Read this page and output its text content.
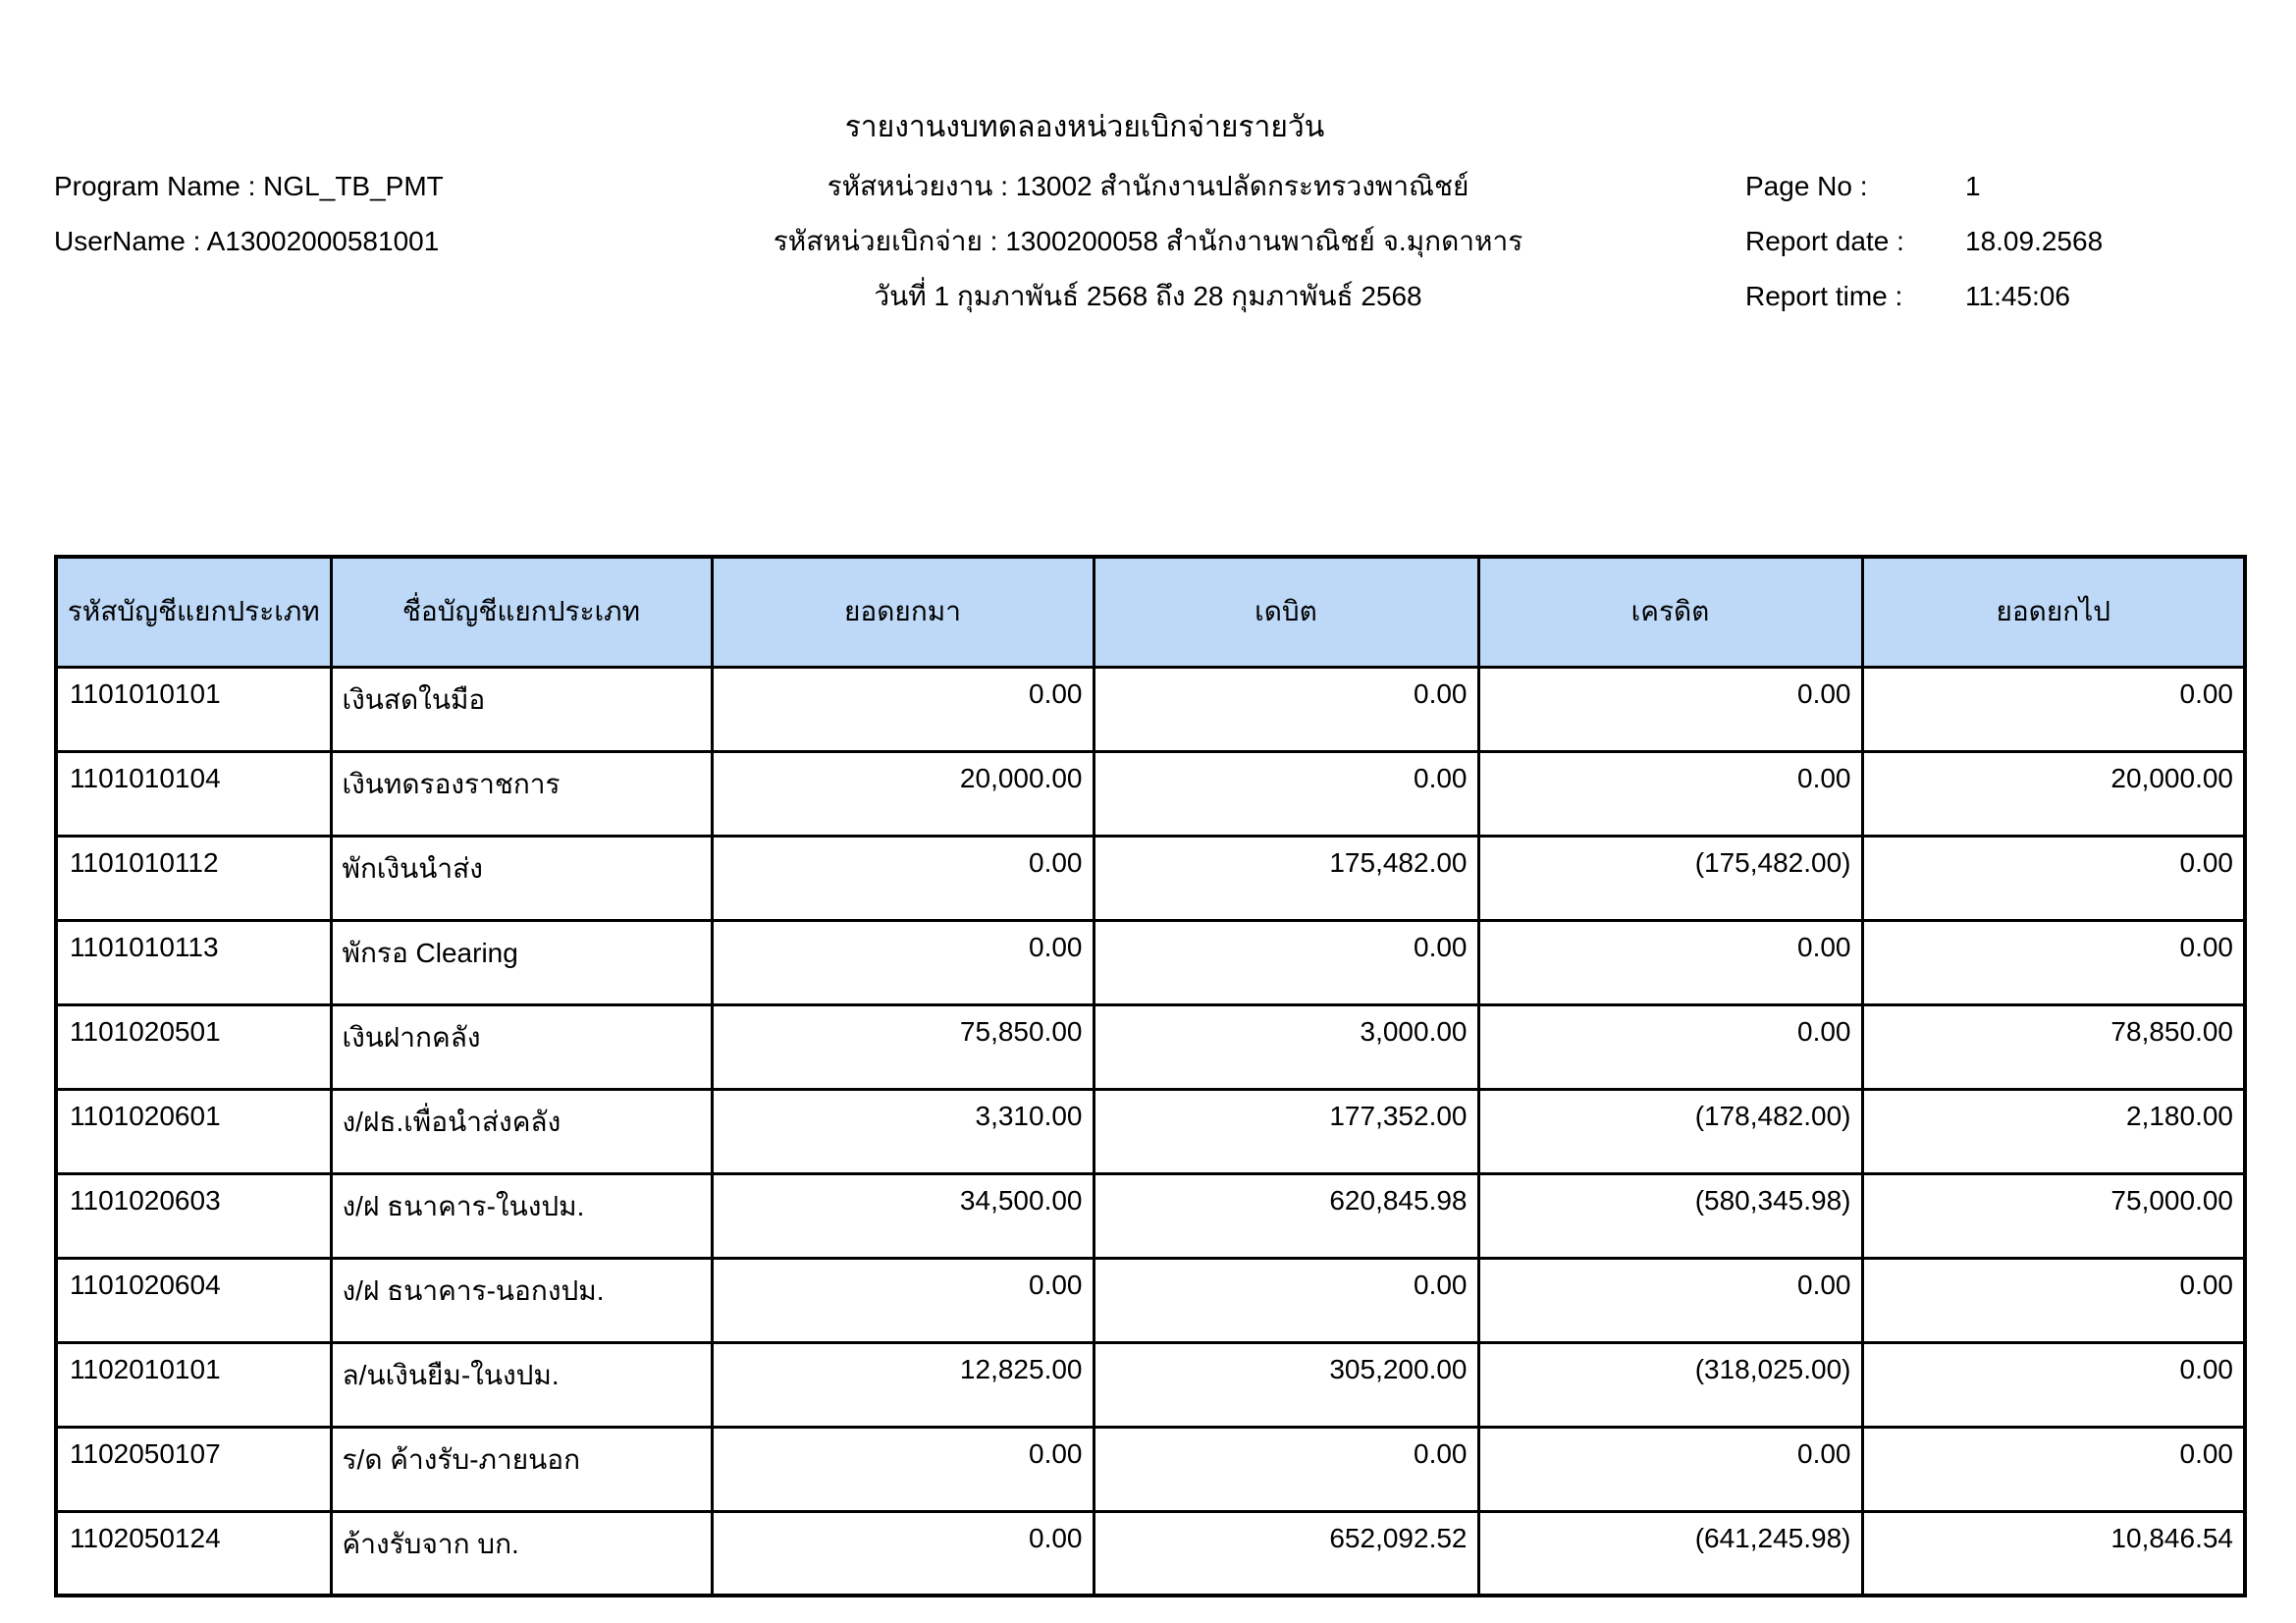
รายงานงบทดลองหน่วยเบิกจ่ายรายวัน
Program Name : NGL_TB_PMT
UserName : A13002000581001
รหัสหน่วยงาน : 13002 สำนักงานปลัดกระทรวงพาณิชย์
รหัสหน่วยเบิกจ่าย : 1300200058 สำนักงานพาณิชย์ จ.มุกดาหาร
วันที่ 1 กุมภาพันธ์ 2568 ถึง 28 กุมภาพันธ์ 2568
Page No :	1
Report date : 18.09.2568
Report time : 11:45:06
รหัสบัญชีแยกประเภท	ชื่อบัญชีแยกประเภท	ยอดยกมา	เดบิต	เครดิต	ยอดยกไป
1101010101	เงินสดในมือ	0.00	0.00	0.00	0.00
1101010104	เงินทดรองราชการ	20,000.00	0.00	0.00	20,000.00
1101010112	พักเงินนำส่ง	0.00	175,482.00	(175,482.00)	0.00
1101010113	พักรอ Clearing	0.00	0.00	0.00	0.00
1101020501	เงินฝากคลัง	75,850.00	3,000.00	0.00	78,850.00
1101020601	ง/ฝธ.เพื่อนำส่งคลัง	3,310.00	177,352.00	(178,482.00)	2,180.00
1101020603	ง/ฝ ธนาคาร-ในงปม.	34,500.00	620,845.98	(580,345.98)	75,000.00
1101020604	ง/ฝ ธนาคาร-นอกงปม.	0.00	0.00	0.00	0.00
1102010101	ล/นเงินยืม-ในงปม.	12,825.00	305,200.00	(318,025.00)	0.00
1102050107	ร/ด ค้างรับ-ภายนอก	0.00	0.00	0.00	0.00
1102050124	ค้างรับจาก บก.	0.00	652,092.52	(641,245.98)	10,846.54
